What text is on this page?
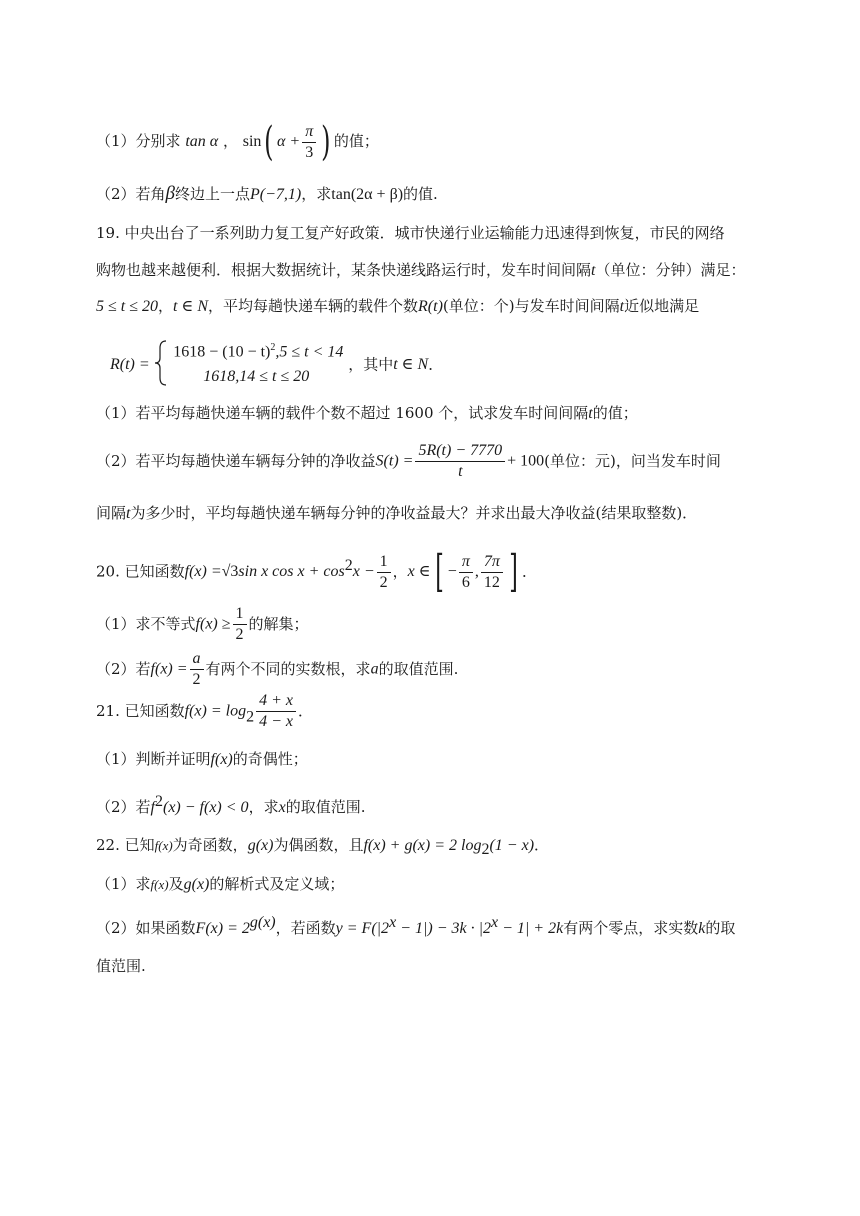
（1）分别求 tan α ， sin( $\alpha + \frac{\pi}{3}$ ) 的值；
（2）若角β终边上一点P(−7,1)，求tan(2α + β)的值.
19. 中央出台了一系列助力复工复产好政策．城市快递行业运输能力迅速得到恢复，市民的网络
购物也越来越便利．根据大数据统计，某条快递线路运行时，发车时间间隔t（单位：分钟）满足：
5 ≤ t ≤ 20，t ∈ N，平均每趟快递车辆的载件个数R(t)(单位：个)与发车时间间隔t近似地满足
R(t) =
$1618 - (10 - t)^2,5 \le t < 14$
1618,14 ≤ t ≤ 20
，其中t ∈ N．
（1）若平均每趟快递车辆的载件个数不超过 1600 个，试求发车时间间隔t的值；
（2）若平均每趟快递车辆每分钟的净收益$S(t) = \frac{5R(t) - 7770}{t} + 100$(单位：元)，问当发车时间
间隔t为多少时，平均每趟快递车辆每分钟的净收益最大？并求出最大净收益(结果取整数)．
20. 已知函数f(x) =√3sin x $\cos x + \cos^2x - \frac{1}{2}$ ，x ∈[ − $\frac{\pi}{6}$ , $\frac{7\pi}{12}$ ] ．
（1）求不等式$f(x) \ge \frac{1}{2}$ 的解集；
（2）若$f(x) = \frac{a}{2}$ 有两个不同的实数根，求a的取值范围.
21. 已知函数$f(x) = \log_2 \frac{4 + x}{4 - x}$ ．
（1）判断并证明f(x)的奇偶性；
（2）若$f^2(x) - f(x) < 0$，求x的取值范围.
22. 已知f(x)为奇函数，g(x)为偶函数，且f(x) + g(x) = 2 $\log_2(1 - x)$．
（1）求f(x)及g(x)的解析式及定义域；
（2）如果函数$F(x) = 2^{g(x)}$，若函数$y = F(|2^x - 1|) - 3k \cdot |2^x - 1| + 2k$有两个零点，求实数k的取
值范围.
